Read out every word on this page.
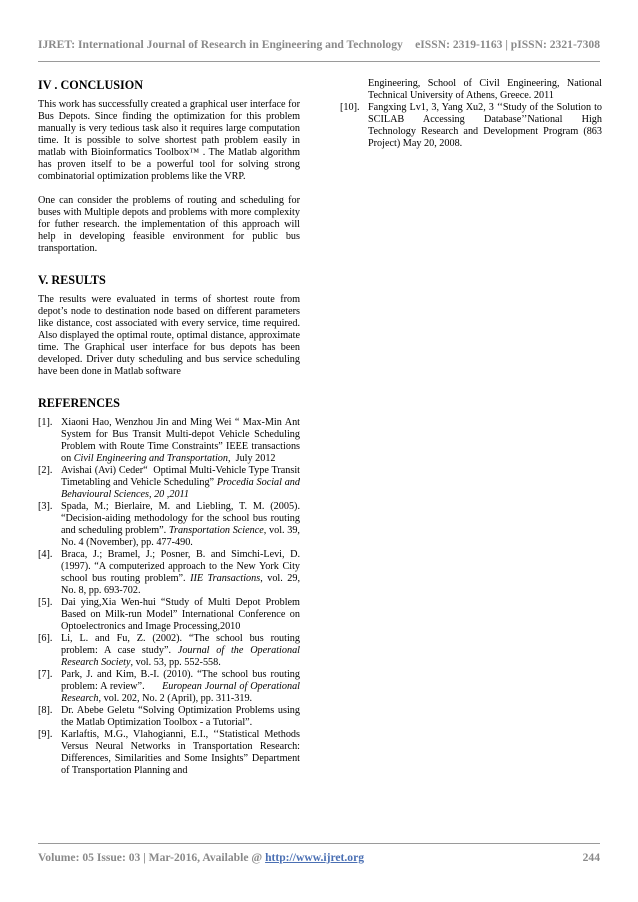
IJRET: International Journal of Research in Engineering and Technology eISSN: 2319-1163 | pISSN: 2321-7308
IV . CONCLUSION

This work has successfully created a graphical user interface for Bus Depots. Since finding the optimization for this problem manually is very tedious task also it requires large computation time. It is possible to solve shortest path problem easily in matlab with Bioinformatics Toolbox™ . The Matlab algorithm has proven itself to be a powerful tool for solving strong combinatorial optimization problems like the VRP.

One can consider the problems of routing and scheduling for buses with Multiple depots and problems with more complexity for futher research. the implementation of this approach will help in developing feasible environment for public bus transportation.

V. RESULTS

The results were evaluated in terms of shortest route from depot’s node to destination node based on different parameters like distance, cost associated with every service, time required. Also displayed the optimal route, optimal distance, approximate time. The Graphical user interface for bus depots has been developed. Driver duty scheduling and bus service scheduling have been done in Matlab software

REFERENCES
[1]. Xiaoni Hao, Wenzhou Jin and Ming Wei “ Max-Min Ant System for Bus Transit Multi-depot Vehicle Scheduling Problem with Route Time Constraints” IEEE transactions on Civil Engineering and Transportation,  July 2012
[2]. Avishai (Avi) Ceder“  Optimal Multi-Vehicle Type Transit Timetabling and Vehicle Scheduling” Procedia Social and Behavioural Sciences, 20 ,2011
[3]. Spada, M.; Bierlaire, M. and Liebling, T. M. (2005). “Decision-aiding methodology for the school bus routing and scheduling problem”. Transportation Science, vol. 39, No. 4 (November), pp. 477-490.
[4]. Braca, J.; Bramel, J.; Posner, B. and Simchi-Levi, D. (1997). “A computerized approach to the New York City school bus routing problem”. IIE Transactions, vol. 29, No. 8, pp. 693-702.
[5]. Dai ying,Xia Wen-hui “Study of Multi Depot Problem Based on Milk-run Model” International Conference on Optoelectronics and Image Processing,2010
[6]. Li, L. and Fu, Z. (2002). “The school bus routing problem: A case study”. Journal of the Operational Research Society, vol. 53, pp. 552-558.
[7]. Park, J. and Kim, B.-I. (2010). “The school bus routing problem: A review”.      European Journal of Operational Research, vol. 202, No. 2 (April), pp. 311-319.
[8]. Dr. Abebe Geletu “Solving Optimization Problems using the Matlab Optimization Toolbox - a Tutorial”.
[9]. Karlaftis, M.G., Vlahogianni, E.I., ‘‘Statistical Methods Versus Neural Networks in Transportation Research: Differences, Similarities and Some Insights” Department of Transportation Planning and

Engineering, School of Civil Engineering, National Technical University of Athens, Greece. 2011

[10]. Fangxing Lv1, 3, Yang Xu2, 3 ‘‘Study of the Solution to SCILAB Accessing Database’’National High Technology Research and Development Program (863 Project) May 20, 2008.
Volume: 05 Issue: 03 | Mar-2016, Available @ http://www.ijret.org	244
